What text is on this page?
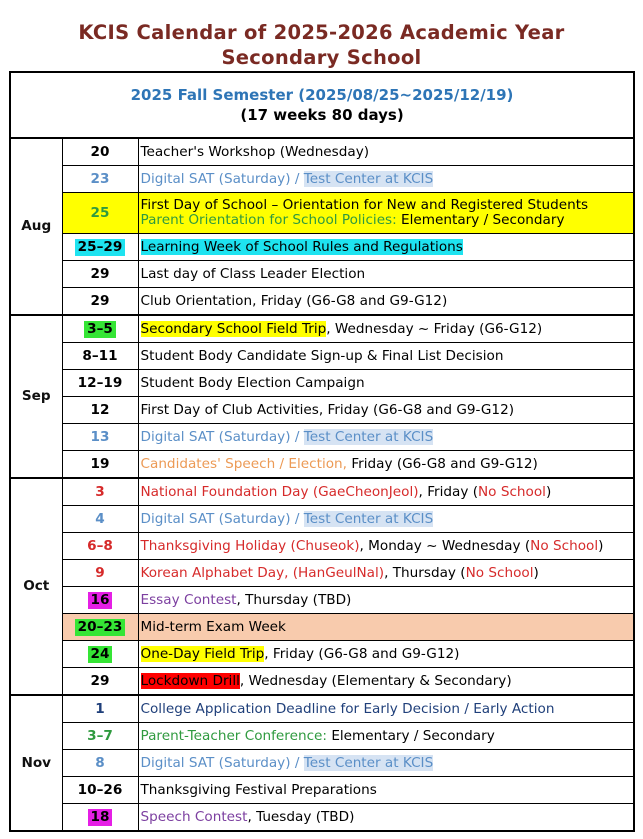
KCIS Calendar of 2025-2026 Academic Year
Secondary School
2025 Fall Semester (2025/08/25~2025/12/19)
(17 weeks 80 days)		

Aug	20	Teacher's Workshop (Wednesday)

	23	Digital SAT (Saturday) / Test Center at KCIS

	25	First Day of School – Orientation for New and Registered Students
Parent Orientation for School Policies: Elementary / Secondary

	25–29	Learning Week of School Rules and Regulations

	29	Last day of Class Leader Election

	29	Club Orientation, Friday (G6-G8 and G9-G12)

Sep	3–5	Secondary School Field Trip, Wednesday ~ Friday (G6-G12)

	8–11	Student Body Candidate Sign-up & Final List Decision

	12–19	Student Body Election Campaign

	12	First Day of Club Activities, Friday (G6-G8 and G9-G12)

	13	Digital SAT (Saturday) / Test Center at KCIS

	19	Candidates' Speech / Election, Friday (G6-G8 and G9-G12)

Oct	3	National Foundation Day (GaeCheonJeol), Friday (No School)

	4	Digital SAT (Saturday) / Test Center at KCIS

	6–8	Thanksgiving Holiday (Chuseok), Monday ~ Wednesday (No School)

	9	Korean Alphabet Day, (HanGeulNal), Thursday (No School)

	16	Essay Contest, Thursday (TBD)

	20–23	Mid-term Exam Week

	24	One-Day Field Trip, Friday (G6-G8 and G9-G12)

	29	Lockdown Drill, Wednesday (Elementary & Secondary)

Nov	1	College Application Deadline for Early Decision / Early Action

	3–7	Parent-Teacher Conference: Elementary / Secondary

	8	Digital SAT (Saturday) / Test Center at KCIS

	10–26	Thanksgiving Festival Preparations

	18	Speech Contest, Tuesday (TBD)
